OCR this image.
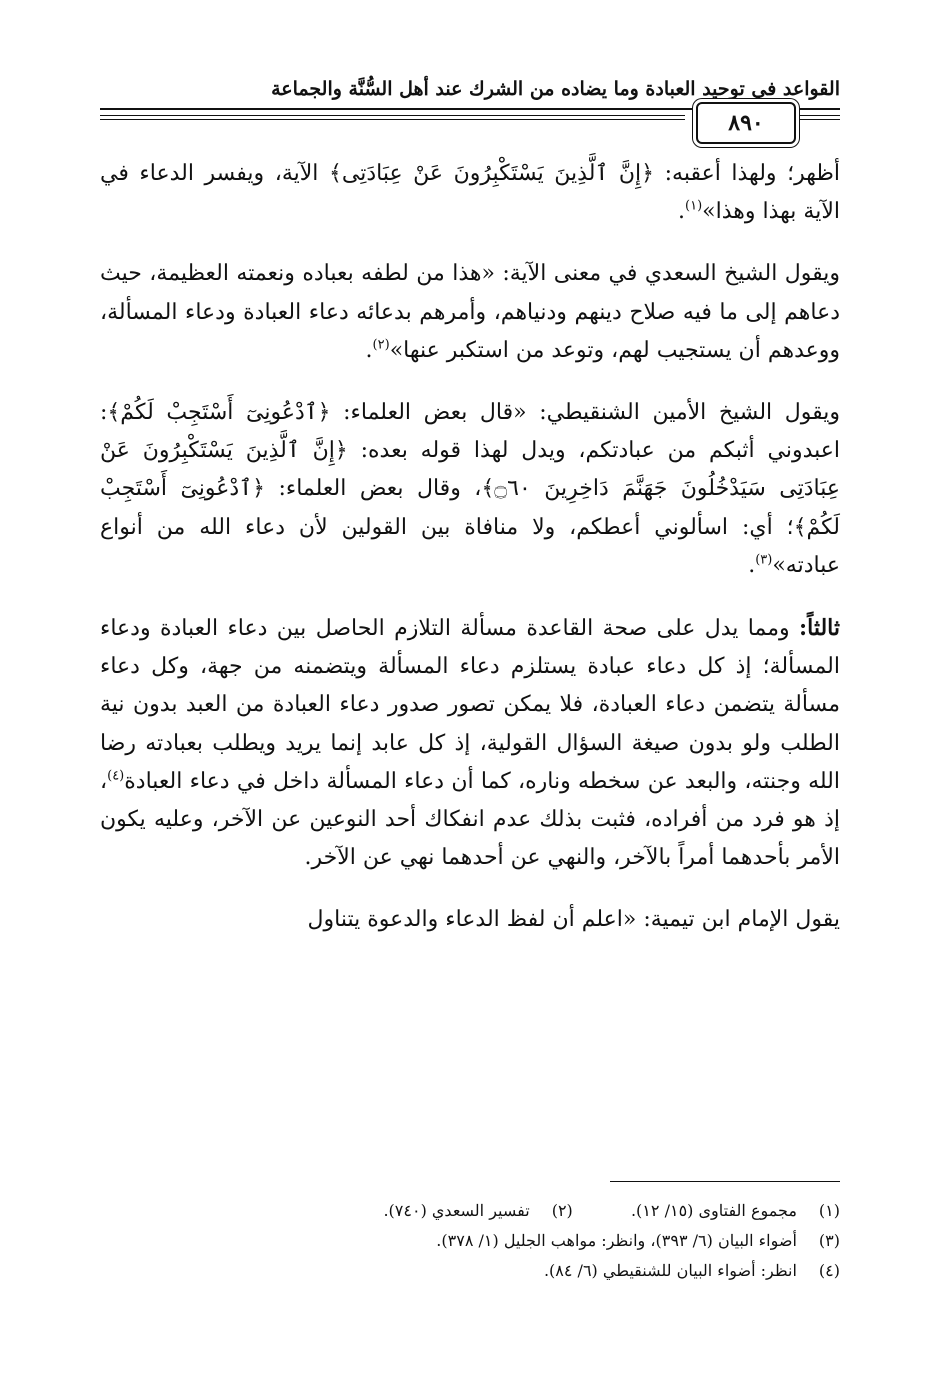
القواعد في توحيد العبادة وما يضاده من الشرك عند أهل السُّنَّة والجماعة
٨٩٠

أظهر؛ ولهذا أعقبه: ﴿إِنَّ ٱلَّذِينَ يَسْتَكْبِرُونَ عَنْ عِبَادَتِى﴾ الآية، ويفسر الدعاء في الآية بهذا وهذا»$^{(١)}$.

ويقول الشيخ السعدي في معنى الآية: «هذا من لطفه بعباده ونعمته العظيمة، حيث دعاهم إلى ما فيه صلاح دينهم ودنياهم، وأمرهم بدعائه دعاء العبادة ودعاء المسألة، ووعدهم أن يستجيب لهم، وتوعد من استكبر عنها»$^{(٢)}$.

ويقول الشيخ الأمين الشنقيطي: «قال بعض العلماء: ﴿ٱدْعُونِىٓ أَسْتَجِبْ لَكُمْ﴾: اعبدوني أثبكم من عبادتكم، ويدل لهذا قوله بعده: ﴿إِنَّ ٱلَّذِينَ يَسْتَكْبِرُونَ عَنْ عِبَادَتِى سَيَدْخُلُونَ جَهَنَّمَ دَاخِرِينَ ۝٦٠﴾، وقال بعض العلماء: ﴿ٱدْعُونِىٓ أَسْتَجِبْ لَكُمْ﴾؛ أي: اسألوني أعطكم، ولا منافاة بين القولين لأن دعاء الله من أنواع عبادته»$^{(٣)}$.

ثالثاً: ومما يدل على صحة القاعدة مسألة التلازم الحاصل بين دعاء العبادة ودعاء المسألة؛ إذ كل دعاء عبادة يستلزم دعاء المسألة ويتضمنه من جهة، وكل دعاء مسألة يتضمن دعاء العبادة، فلا يمكن تصور صدور دعاء العبادة من العبد بدون نية الطلب ولو بدون صيغة السؤال القولية، إذ كل عابد إنما يريد ويطلب بعبادته رضا الله وجنته، والبعد عن سخطه وناره، كما أن دعاء المسألة داخل في دعاء العبادة$^{(٤)}$، إذ هو فرد من أفراده، فثبت بذلك عدم انفكاك أحد النوعين عن الآخر، وعليه يكون الأمر بأحدهما أمراً بالآخر، والنهي عن أحدهما نهي عن الآخر.

يقول الإمام ابن تيمية: «اعلم أن لفظ الدعاء والدعوة يتناول

(١) مجموع الفتاوى (١٥/ ١٢).  (٢) تفسير السعدي (٧٤٠).
(٣) أضواء البيان (٦/ ٣٩٣)، وانظر: مواهب الجليل (١/ ٣٧٨).
(٤) انظر: أضواء البيان للشنقيطي (٦/ ٨٤).
